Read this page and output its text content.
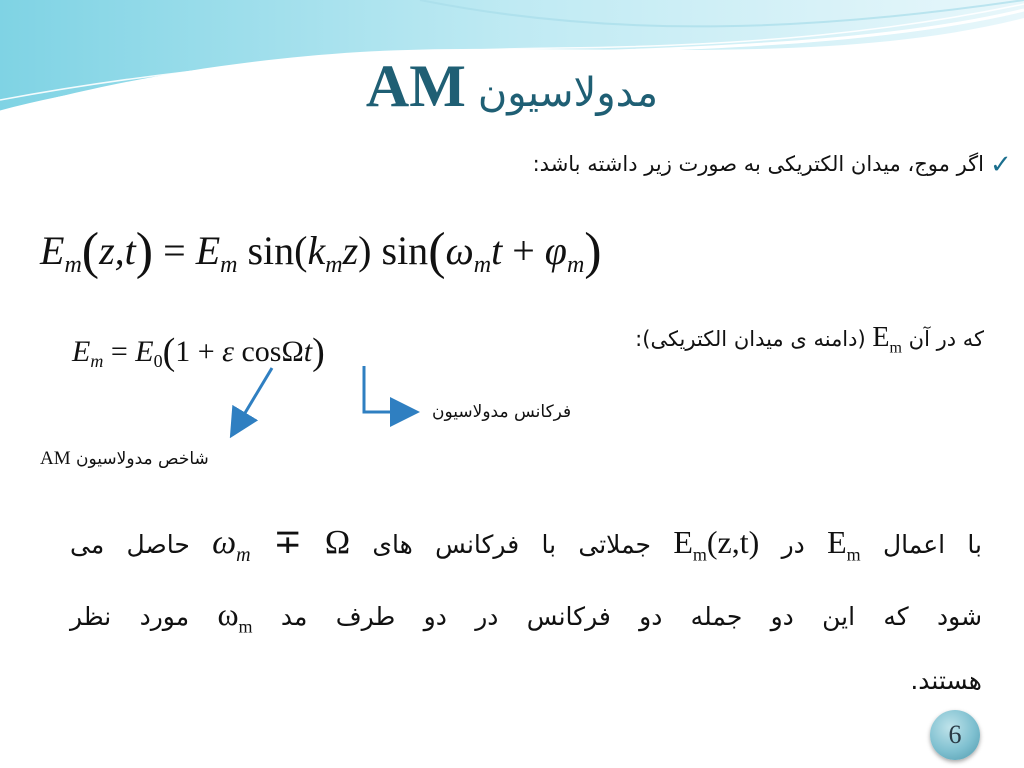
AM مدولاسیون
✓
اگر موج، میدان الکتریکی به صورت زیر داشته باشد:
$E_m(z,t) = E_m$ $\sin(k_mz) \sin(\omega_mt + \varphi_m)$
$E_m = E_0(1 + \varepsilon$ cosΩt)	که در آن $E_m$ (دامنه ی میدان الکتریکی):
فرکانس مدولاسیون
AM شاخص مدولاسیون
با اعمال $E_m$ در $E_m(z,t)$ جملاتی با فرکانس های $\omega_m \mp \Omega$ حاصل می
شود که این دو جمله دو فرکانس در دو طرف مد $\omega_m$ مورد نظر
هستند.
6
